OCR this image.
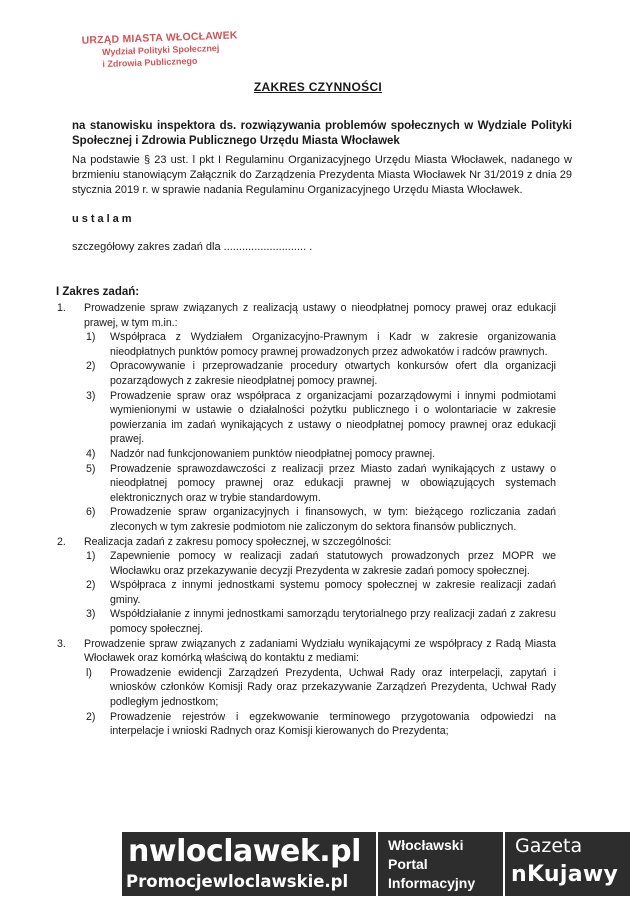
URZĄD MIASTA WŁOCŁAWEK
Wydział Polityki Społecznej
i Zdrowia Publicznego
ZAKRES CZYNNOŚCI
na stanowisku inspektora ds. rozwiązywania problemów społecznych w Wydziale Polityki Społecznej i Zdrowia Publicznego Urzędu Miasta Włocławek
Na podstawie § 23 ust. l pkt I Regulaminu Organizacyjnego Urzędu Miasta Włocławek, nadanego w brzmieniu stanowiącym Załącznik do Zarządzenia Prezydenta Miasta Włocławek Nr 31/2019 z dnia 29 stycznia 2019 r. w sprawie nadania Regulaminu Organizacyjnego Urzędu Miasta Włocławek.
ustalam
szczegółowy zakres zadań dla ........................... .
I Zakres zadań:
1. Prowadzenie spraw związanych z realizacją ustawy o nieodpłatnej pomocy prawej oraz edukacji prawej, w tym m.in.:
1) Współpraca z Wydziałem Organizacyjno-Prawnym i Kadr w zakresie organizowania nieodpłatnych punktów pomocy prawnej prowadzonych przez adwokatów i radców prawnych.
2) Opracowywanie i przeprowadzanie procedury otwartych konkursów ofert dla organizacji pozarządowych z zakresie nieodpłatnej pomocy prawnej.
3) Prowadzenie spraw oraz współpraca z organizacjami pozarządowymi i innymi podmiotami wymienionymi w ustawie o działalności pożytku publicznego i o wolontariacie w zakresie powierzania im zadań wynikających z ustawy o nieodpłatnej pomocy prawnej oraz edukacji prawej.
4) Nadzór nad funkcjonowaniem punktów nieodpłatnej pomocy prawnej.
5) Prowadzenie sprawozdawczości z realizacji przez Miasto zadań wynikających z ustawy o nieodpłatnej pomocy prawnej oraz edukacji prawnej w obowiązujących systemach elektronicznych oraz w trybie standardowym.
6) Prowadzenie spraw organizacyjnych i finansowych, w tym: bieżącego rozliczania zadań zleconych w tym zakresie podmiotom nie zaliczonym do sektora finansów publicznych.
2. Realizacja zadań z zakresu pomocy społecznej, w szczególności:
1) Zapewnienie pomocy w realizacji zadań statutowych prowadzonych przez MOPR we Włocławku oraz przekazywanie decyzji Prezydenta w zakresie zadań pomocy społecznej.
2) Współpraca z innymi jednostkami systemu pomocy społecznej w zakresie realizacji zadań gminy.
3) Współdziałanie z innymi jednostkami samorządu terytorialnego przy realizacji zadań z zakresu pomocy społecznej.
3. Prowadzenie spraw związanych z zadaniami Wydziału wynikającymi ze współpracy z Radą Miasta Włocławek oraz komórką właściwą do kontaktu z mediami:
l) Prowadzenie ewidencji Zarządzeń Prezydenta, Uchwał Rady oraz interpelacji, zapytań i wniosków członków Komisji Rady oraz przekazywanie Zarządzeń Prezydenta, Uchwał Rady podległym jednostkom;
2) Prowadzenie rejestrów i egzekwowanie terminowego przygotowania odpowiedzi na interpelacje i wnioski Radnych oraz Komisji kierowanych do Prezydenta;
nwloclawek.pl
Promocjewloclawskie.pl
Włocławski
Portal
Informacyjny
Gazeta
nKujawy
